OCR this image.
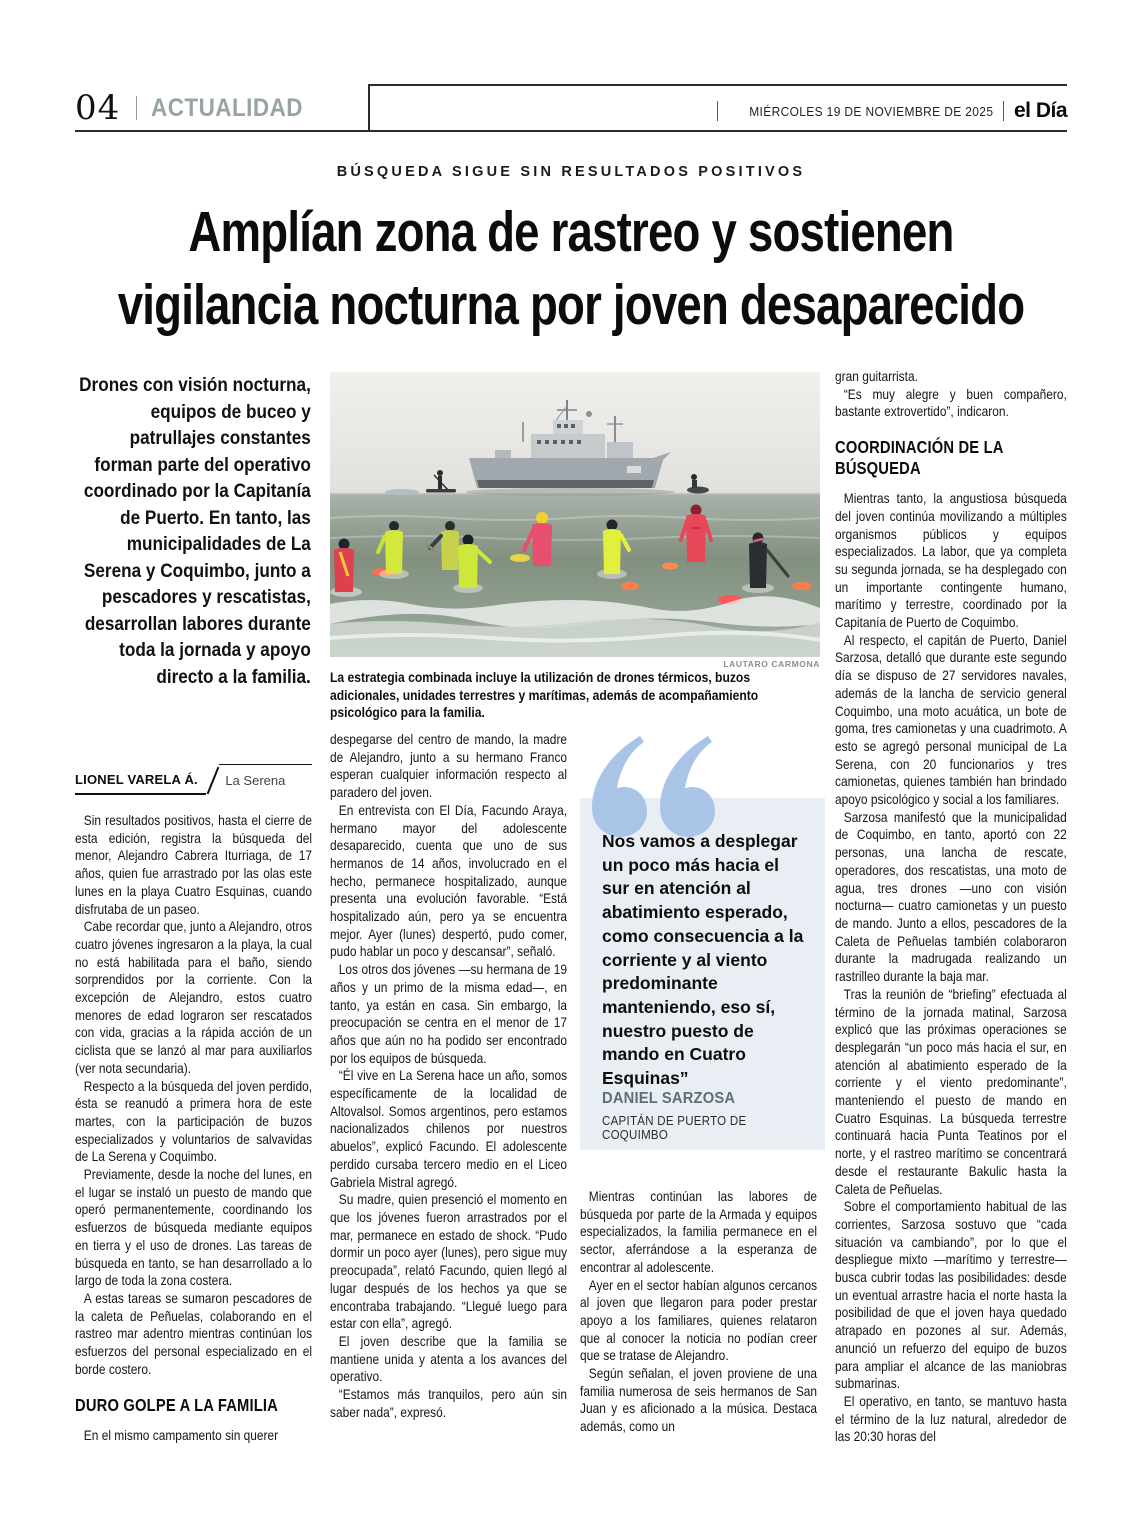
04 ACTUALIDAD	MIÉRCOLES 19 DE NOVIEMBRE DE 2025 el Día
BÚSQUEDA SIGUE SIN RESULTADOS POSITIVOS
Amplían zona de rastreo y sostienen
vigilancia nocturna por joven desaparecido
Drones con visión nocturna, equipos de buceo y patrullajes constantes forman parte del operativo coordinado por la Capitanía de Puerto. En tanto, las municipalidades de La Serena y Coquimbo, junto a pescadores y rescatistas, desarrollan labores durante toda la jornada y apoyo directo a la familia.
LAUTARO CARMONA
La estrategia combinada incluye la utilización de drones térmicos, buzos adicionales, unidades terrestres y marítimas, además de acompañamiento psicológico para la familia.
LIONEL VARELA Á.	La Serena

Sin resultados positivos, hasta el cierre de esta edición, registra la búsqueda del menor, Alejandro Cabrera Iturriaga, de 17 años, quien fue arrastrado por las olas este lunes en la playa Cuatro Esquinas, cuando disfrutaba de un paseo.

Cabe recordar que, junto a Alejandro, otros cuatro jóvenes ingresaron a la playa, la cual no está habilitada para el baño, siendo sorprendidos por la corriente. Con la excepción de Alejandro, estos cuatro menores de edad lograron ser rescatados con vida, gracias a la rápida acción de un ciclista que se lanzó al mar para auxiliarlos (ver nota secundaria).

Respecto a la búsqueda del joven perdido, ésta se reanudó a primera hora de este martes, con la participación de buzos especializados y voluntarios de salvavidas de La Serena y Coquimbo.

Previamente, desde la noche del lunes, en el lugar se instaló un puesto de mando que operó permanentemente, coordinando los esfuerzos de búsqueda mediante equipos en tierra y el uso de drones. Las tareas de búsqueda en tanto, se han desarrollado a lo largo de toda la zona costera.

A estas tareas se sumaron pescadores de la caleta de Peñuelas, colaborando en el rastreo mar adentro mientras continúan los esfuerzos del personal especializado en el borde costero.

DURO GOLPE A LA FAMILIA

En el mismo campamento sin querer

despegarse del centro de mando, la madre de Alejandro, junto a su hermano Franco esperan cualquier información respecto al paradero del joven.

En entrevista con El Día, Facundo Araya, hermano mayor del adolescente desaparecido, cuenta que uno de sus hermanos de 14 años, involucrado en el hecho, permanece hospitalizado, aunque presenta una evolución favorable. “Está hospitalizado aún, pero ya se encuentra mejor. Ayer (lunes) despertó, pudo comer, pudo hablar un poco y descansar”, señaló.

Los otros dos jóvenes —su hermana de 19 años y un primo de la misma edad—, en tanto, ya están en casa. Sin embargo, la preocupación se centra en el menor de 17 años que aún no ha podido ser encontrado por los equipos de búsqueda.

“Él vive en La Serena hace un año, somos específicamente de la localidad de Altovalsol. Somos argentinos, pero estamos nacionalizados chilenos por nuestros abuelos”, explicó Facundo. El adolescente perdido cursaba tercero medio en el Liceo Gabriela Mistral agregó.

Su madre, quien presenció el momento en que los jóvenes fueron arrastrados por el mar, permanece en estado de shock. “Pudo dormir un poco ayer (lunes), pero sigue muy preocupada”, relató Facundo, quien llegó al lugar después de los hechos ya que se encontraba trabajando. “Llegué luego para estar con ella”, agregó.

El joven describe que la familia se mantiene unida y atenta a los avances del operativo.

“Estamos más tranquilos, pero aún sin saber nada”, expresó.

Nos vamos a desplegar un poco más hacia el sur en atención al abatimiento esperado, como consecuencia a la corriente y al viento predominante manteniendo, eso sí, nuestro puesto de mando en Cuatro Esquinas”
DANIEL SARZOSA
CAPITÁN DE PUERTO DE COQUIMBO

Mientras continúan las labores de búsqueda por parte de la Armada y equipos especializados, la familia permanece en el sector, aferrándose a la esperanza de encontrar al adolescente.

Ayer en el sector habían algunos cercanos al joven que llegaron para poder prestar apoyo a los familiares, quienes relataron que al conocer la noticia no podían creer que se tratase de Alejandro.

Según señalan, el joven proviene de una familia numerosa de seis hermanos de San Juan y es aficionado a la música. Destaca además, como un

gran guitarrista.

“Es muy alegre y buen compañero, bastante extrovertido”, indicaron.

COORDINACIÓN DE LA BÚSQUEDA

Mientras tanto, la angustiosa búsqueda del joven continúa movilizando a múltiples organismos públicos y equipos especializados. La labor, que ya completa su segunda jornada, se ha desplegado con un importante contingente humano, marítimo y terrestre, coordinado por la Capitanía de Puerto de Coquimbo.

Al respecto, el capitán de Puerto, Daniel Sarzosa, detalló que durante este segundo día se dispuso de 27 servidores navales, además de la lancha de servicio general Coquimbo, una moto acuática, un bote de goma, tres camionetas y una cuadrimoto. A esto se agregó personal municipal de La Serena, con 20 funcionarios y tres camionetas, quienes también han brindado apoyo psicológico y social a los familiares.

Sarzosa manifestó que la municipalidad de Coquimbo, en tanto, aportó con 22 personas, una lancha de rescate, operadores, dos rescatistas, una moto de agua, tres drones —uno con visión nocturna— cuatro camionetas y un puesto de mando. Junto a ellos, pescadores de la Caleta de Peñuelas también colaboraron durante la madrugada realizando un rastrilleo durante la baja mar.

Tras la reunión de “briefing” efectuada al término de la jornada matinal, Sarzosa explicó que las próximas operaciones se desplegarán “un poco más hacia el sur, en atención al abatimiento esperado de la corriente y el viento predominante”, manteniendo el puesto de mando en Cuatro Esquinas. La búsqueda terrestre continuará hacia Punta Teatinos por el norte, y el rastreo marítimo se concentrará desde el restaurante Bakulic hasta la Caleta de Peñuelas.

Sobre el comportamiento habitual de las corrientes, Sarzosa sostuvo que “cada situación va cambiando”, por lo que el despliegue mixto —marítimo y terrestre— busca cubrir todas las posibilidades: desde un eventual arrastre hacia el norte hasta la posibilidad de que el joven haya quedado atrapado en pozones al sur. Además, anunció un refuerzo del equipo de buzos para ampliar el alcance de las maniobras submarinas.

El operativo, en tanto, se mantuvo hasta el término de la luz natural, alrededor de las 20:30 horas del
